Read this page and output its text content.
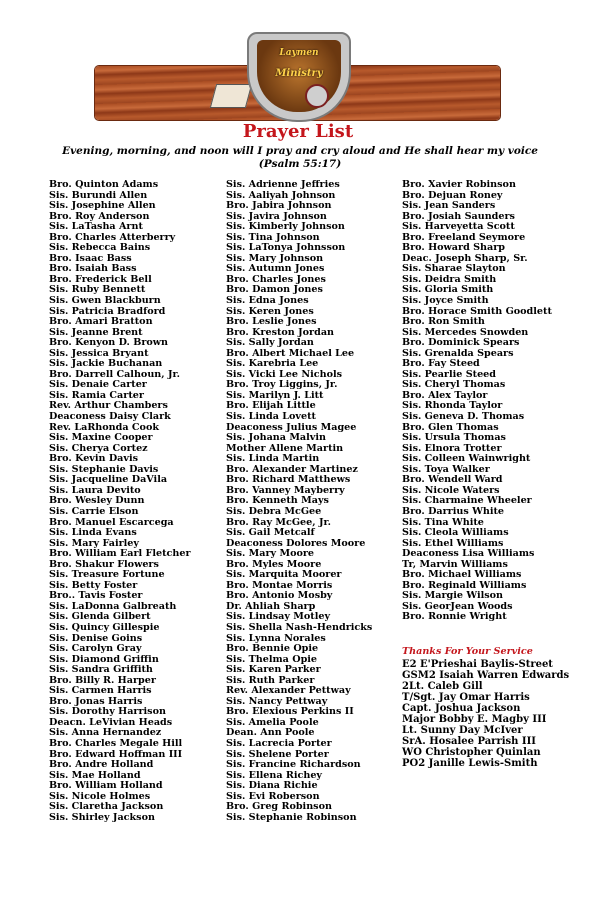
Laymen
Ministry
Prayer List
Evening, morning, and noon will I pray and cry aloud and He shall hear my voice
(Psalm 55:17)
Bro. Quinton Adams
Sis. Burundi Allen
Sis. Josephine Allen
Bro. Roy Anderson
Sis. LaTasha Arnt
Bro. Charles Atterberry
Sis. Rebecca Bains
Bro. Isaac Bass
Bro. Isaiah Bass
Bro. Frederick Bell
Sis. Ruby Bennett
Sis. Gwen Blackburn
Sis. Patricia Bradford
Bro. Amari Bratton
Sis. Jeanne Brent
Bro. Kenyon D. Brown
Sis. Jessica Bryant
Sis. Jackie Buchanan
Bro. Darrell Calhoun, Jr.
Sis. Denaie Carter
Sis. Ramia Carter
Rev. Arthur Chambers
Deaconess Daisy Clark
Rev. LaRhonda Cook
Sis. Maxine Cooper
Sis. Cherya Cortez
Bro. Kevin Davis
Sis. Stephanie Davis
Sis. Jacqueline DaVila
Sis. Laura Devito
Bro. Wesley Dunn
Sis. Carrie Elson
Bro. Manuel Escarcega
Sis. Linda Evans
Sis. Mary Fairley
Bro. William Earl Fletcher
Bro. Shakur Flowers
Sis. Treasure Fortune
Sis. Betty Foster
Bro.. Tavis Foster
Sis. LaDonna Galbreath
Sis. Glenda Gilbert
Sis. Quincy Gillespie
Sis. Denise Goins
Sis. Carolyn Gray
Sis. Diamond Griffin
Sis. Sandra Griffith
Bro. Billy R. Harper
Sis. Carmen Harris
Bro. Jonas Harris
Sis. Dorothy Harrison
Deacn. LeVivian Heads
Sis. Anna Hernandez
Bro. Charles Megale Hill
Bro. Edward Hoffman III
Bro. Andre Holland
Sis. Mae Holland
Bro. William Holland
Sis. Nicole Holmes
Sis. Claretha Jackson
Sis. Shirley Jackson
Sis. Adrienne Jeffries
Sis. Aaliyah Johnson
Bro. Jabira Johnson
Sis. Javira Johnson
Sis. Kimberly Johnson
Sis. Tina Johnson
Sis. LaTonya Johnsson
Sis. Mary Johnson
Sis. Autumn Jones
Bro. Charles Jones
Bro. Damon Jones
Sis. Edna Jones
Sis. Keren Jones
Bro. Leslie Jones
Bro. Kreston Jordan
Sis. Sally Jordan
Bro. Albert Michael Lee
Sis. Karebria Lee
Sis. Vicki Lee Nichols
Bro. Troy Liggins, Jr.
Sis. Marilyn J. Litt
Bro. Elijah Little
Sis. Linda Lovett
Deaconess Julius Magee
Sis. Johana Malvin
Mother Allene Martin
Sis. Linda Martin
Bro. Alexander Martinez
Bro. Richard Matthews
Bro. Vanney Mayberry
Bro. Kenneth Mays
Sis. Debra McGee
Bro. Ray McGee, Jr.
Sis. Gail Metcalf
Deaconess Dolores Moore
Sis. Mary Moore
Bro. Myles Moore
Sis. Marquita Moorer
Bro. Montae Morris
Bro. Antonio Mosby
Dr. Ahliah Sharp
Sis. Lindsay Motley
Sis. Shella Nash-Hendricks
Sis. Lynna Norales
Bro. Bennie Opie
Sis. Thelma Opie
Sis. Karen Parker
Sis. Ruth Parker
Rev. Alexander Pettway
Sis. Nancy Pettway
Bro. Elexious Perkins II
Sis. Amelia Poole
Dean. Ann Poole
Sis. Lacrecia Porter
Sis. Shelene Porter
Sis. Francine Richardson
Sis. Ellena Richey
Sis. Diana Richie
Sis. Evi Roberson
Bro. Greg Robinson
Sis. Stephanie Robinson
Bro. Xavier Robinson
Bro. Dejuan Roney
Sis. Jean Sanders
Bro. Josiah Saunders
Sis. Harveyetta Scott
Bro. Freeland Seymore
Bro. Howard Sharp
Deac. Joseph Sharp, Sr.
Sis. Sharae Slayton
Sis. Deidra Smith
Sis. Gloria Smith
Sis. Joyce Smith
Bro. Horace Smith Goodlett
Bro. Ron Smith
Sis. Mercedes Snowden
Bro. Dominick Spears
Sis. Grenalda Spears
Bro. Fay Steed
Sis. Pearlie Steed
Sis. Cheryl Thomas
Bro. Alex Taylor
Sis. Rhonda Taylor
Sis. Geneva D. Thomas
Bro. Glen Thomas
Sis. Ursula Thomas
Sis. Elnora Trotter
Sis. Colleen Wainwright
Sis. Toya Walker
Bro. Wendell Ward
Sis. Nicole Waters
Sis. Charmaine Wheeler
Bro. Darrius White
Sis. Tina White
Sis. Cleola Williams
Sis. Ethel Williams
Deaconess Lisa Williams
Tr, Marvin Williams
Bro. Michael Williams
Bro. Reginald Williams
Sis. Margie Wilson
Sis. GeorJean Woods
Bro. Ronnie Wright
Thanks For Your Service
E2 E'Prieshai Baylis-Street
GSM2 Isaiah Warren Edwards
2Lt. Caleb Gill
T/Sgt. Jay Omar Harris
Capt. Joshua Jackson
Major Bobby E. Magby III
Lt. Sunny Day McIver
SrA. Hosalee Parrish III
WO Christopher Quinlan
PO2 Janille Lewis-Smith
